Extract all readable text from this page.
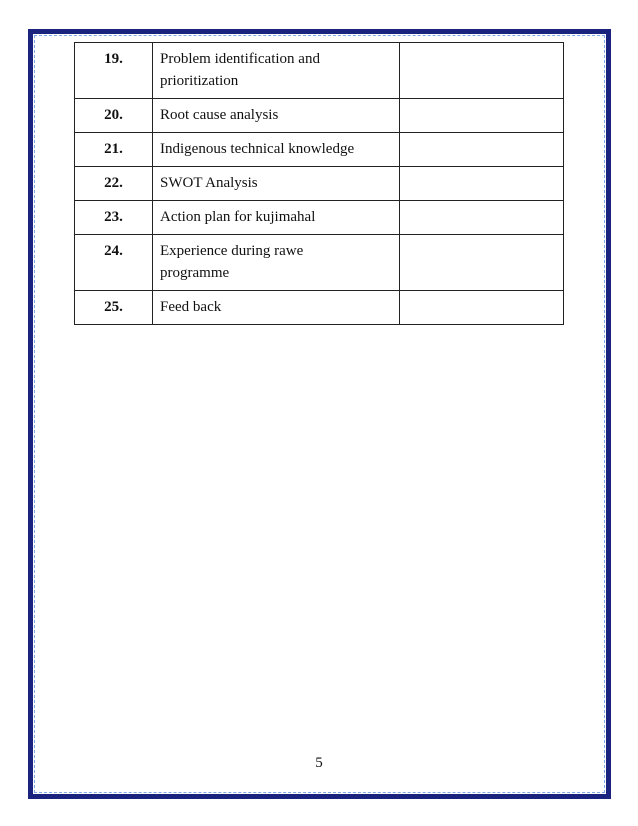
19.	Problem identification and
prioritization	
20.	Root cause analysis	
21.	Indigenous technical knowledge	
22.	SWOT Analysis	
23.	Action plan for kujimahal	
24.	Experience during rawe
programme	
25.	Feed back	
5
